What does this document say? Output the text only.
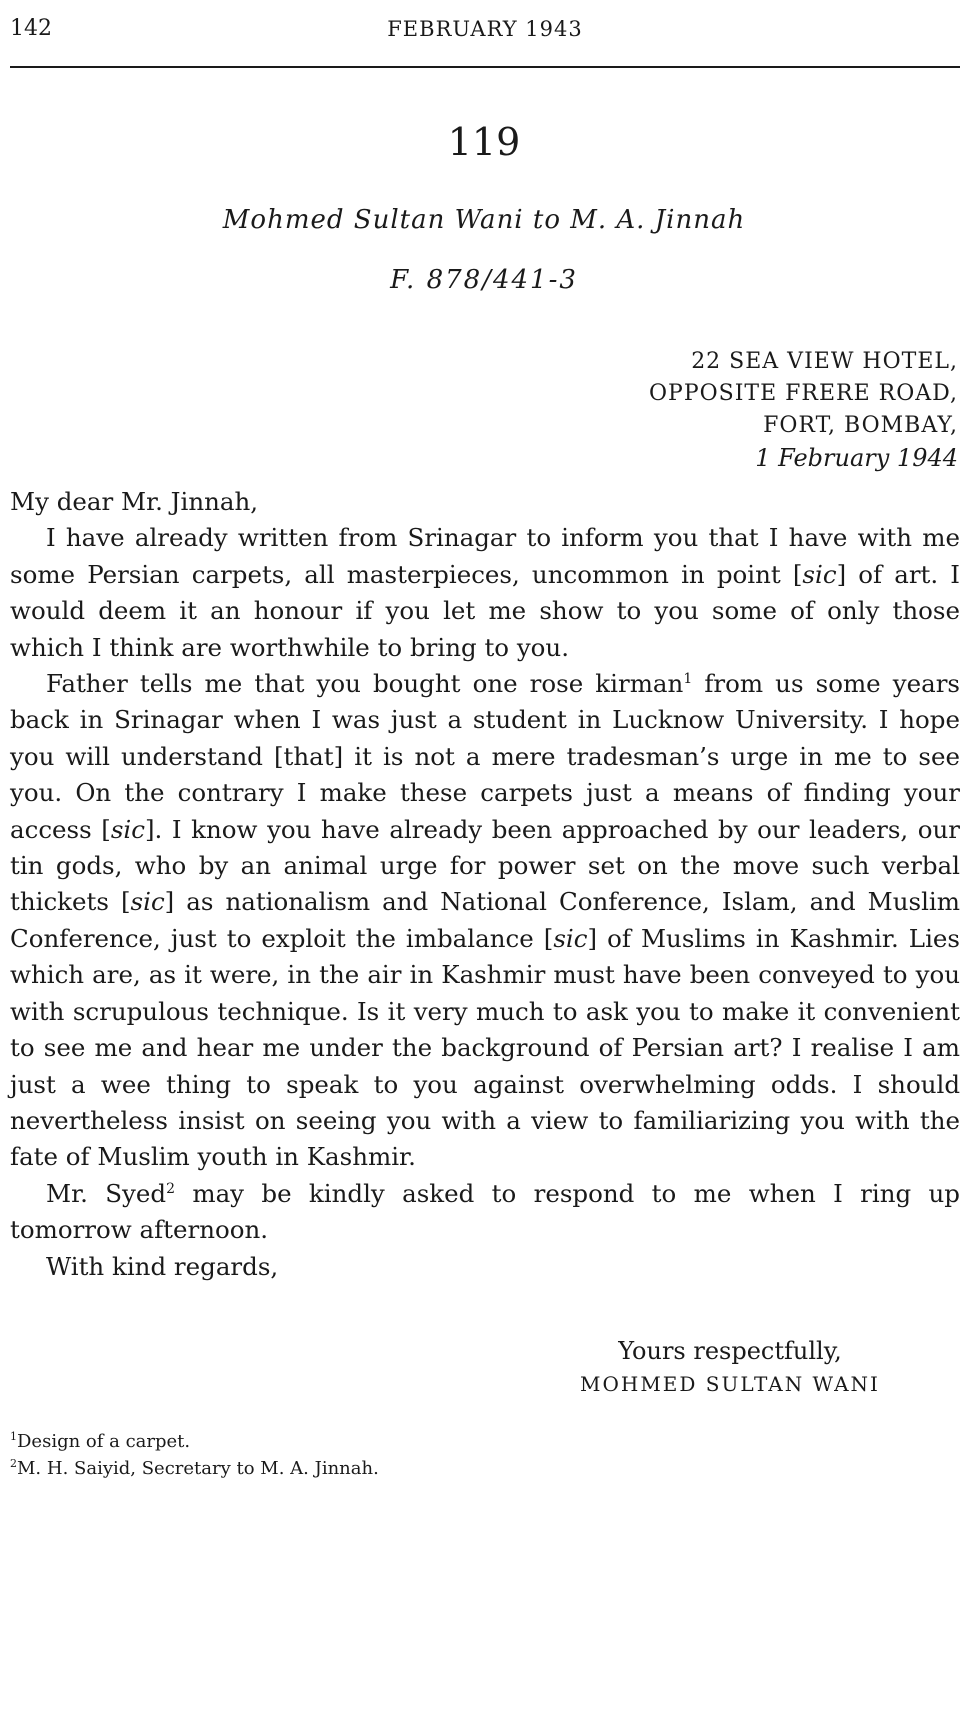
142	FEBRUARY 1943
119
Mohmed Sultan Wani to M. A. Jinnah
F. 878/441-3
22 SEA VIEW HOTEL,
OPPOSITE FRERE ROAD,
FORT, BOMBAY,
1 February 1944

My dear Mr. Jinnah,

I have already written from Srinagar to inform you that I have with me some Persian carpets, all masterpieces, uncommon in point [sic] of art. I would deem it an honour if you let me show to you some of only those which I think are worthwhile to bring to you.

Father tells me that you bought one rose kirman$^1$ from us some years back in Srinagar when I was just a student in Lucknow University. I hope you will understand [that] it is not a mere tradesman’s urge in me to see you. On the contrary I make these carpets just a means of finding your access [sic]. I know you have already been approached by our leaders, our tin gods, who by an animal urge for power set on the move such verbal thickets [sic] as nationalism and National Conference, Islam, and Muslim Conference, just to exploit the imbalance [sic] of Muslims in Kashmir. Lies which are, as it were, in the air in Kashmir must have been conveyed to you with scrupulous technique. Is it very much to ask you to make it convenient to see me and hear me under the background of Persian art? I realise I am just a wee thing to speak to you against overwhelming odds. I should nevertheless insist on seeing you with a view to familiarizing you with the fate of Muslim youth in Kashmir.

Mr. Syed$^2$ may be kindly asked to respond to me when I ring up tomorrow afternoon.

With kind regards,

Yours respectfully,
MOHMED SULTAN WANI
$^1$Design of a carpet.
$^2$M. H. Saiyid, Secretary to M. A. Jinnah.
